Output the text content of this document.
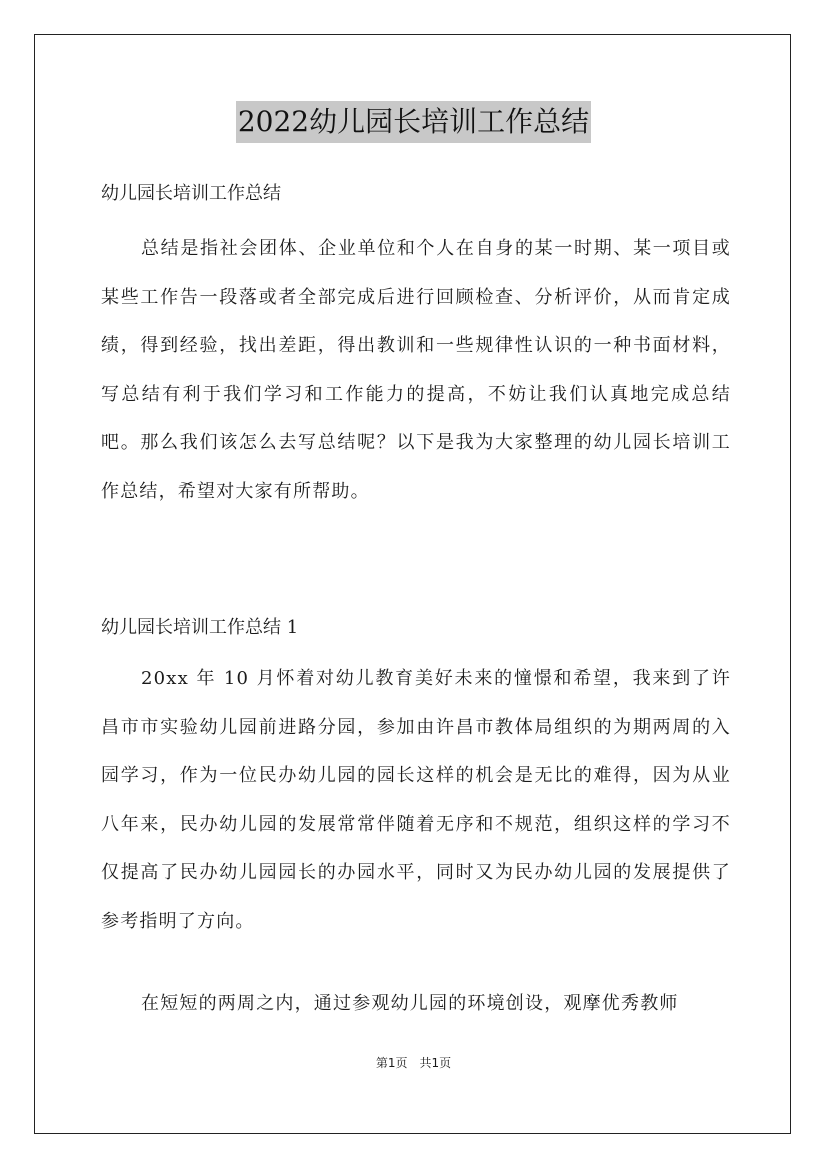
2022幼儿园长培训工作总结
幼儿园长培训工作总结

总结是指社会团体、企业单位和个人在自身的某一时期、某一项目或某些工作告一段落或者全部完成后进行回顾检查、分析评价，从而肯定成绩，得到经验，找出差距，得出教训和一些规律性认识的一种书面材料，写总结有利于我们学习和工作能力的提高，不妨让我们认真地完成总结吧。那么我们该怎么去写总结呢？以下是我为大家整理的幼儿园长培训工作总结，希望对大家有所帮助。

幼儿园长培训工作总结 1

20xx 年 10 月怀着对幼儿教育美好未来的憧憬和希望，我来到了许昌市市实验幼儿园前进路分园，参加由许昌市教体局组织的为期两周的入园学习，作为一位民办幼儿园的园长这样的机会是无比的难得，因为从业八年来，民办幼儿园的发展常常伴随着无序和不规范，组织这样的学习不仅提高了民办幼儿园园长的办园水平，同时又为民办幼儿园的发展提供了参考指明了方向。

在短短的两周之内，通过参观幼儿园的环境创设，观摩优秀教师

第1页　共1页
